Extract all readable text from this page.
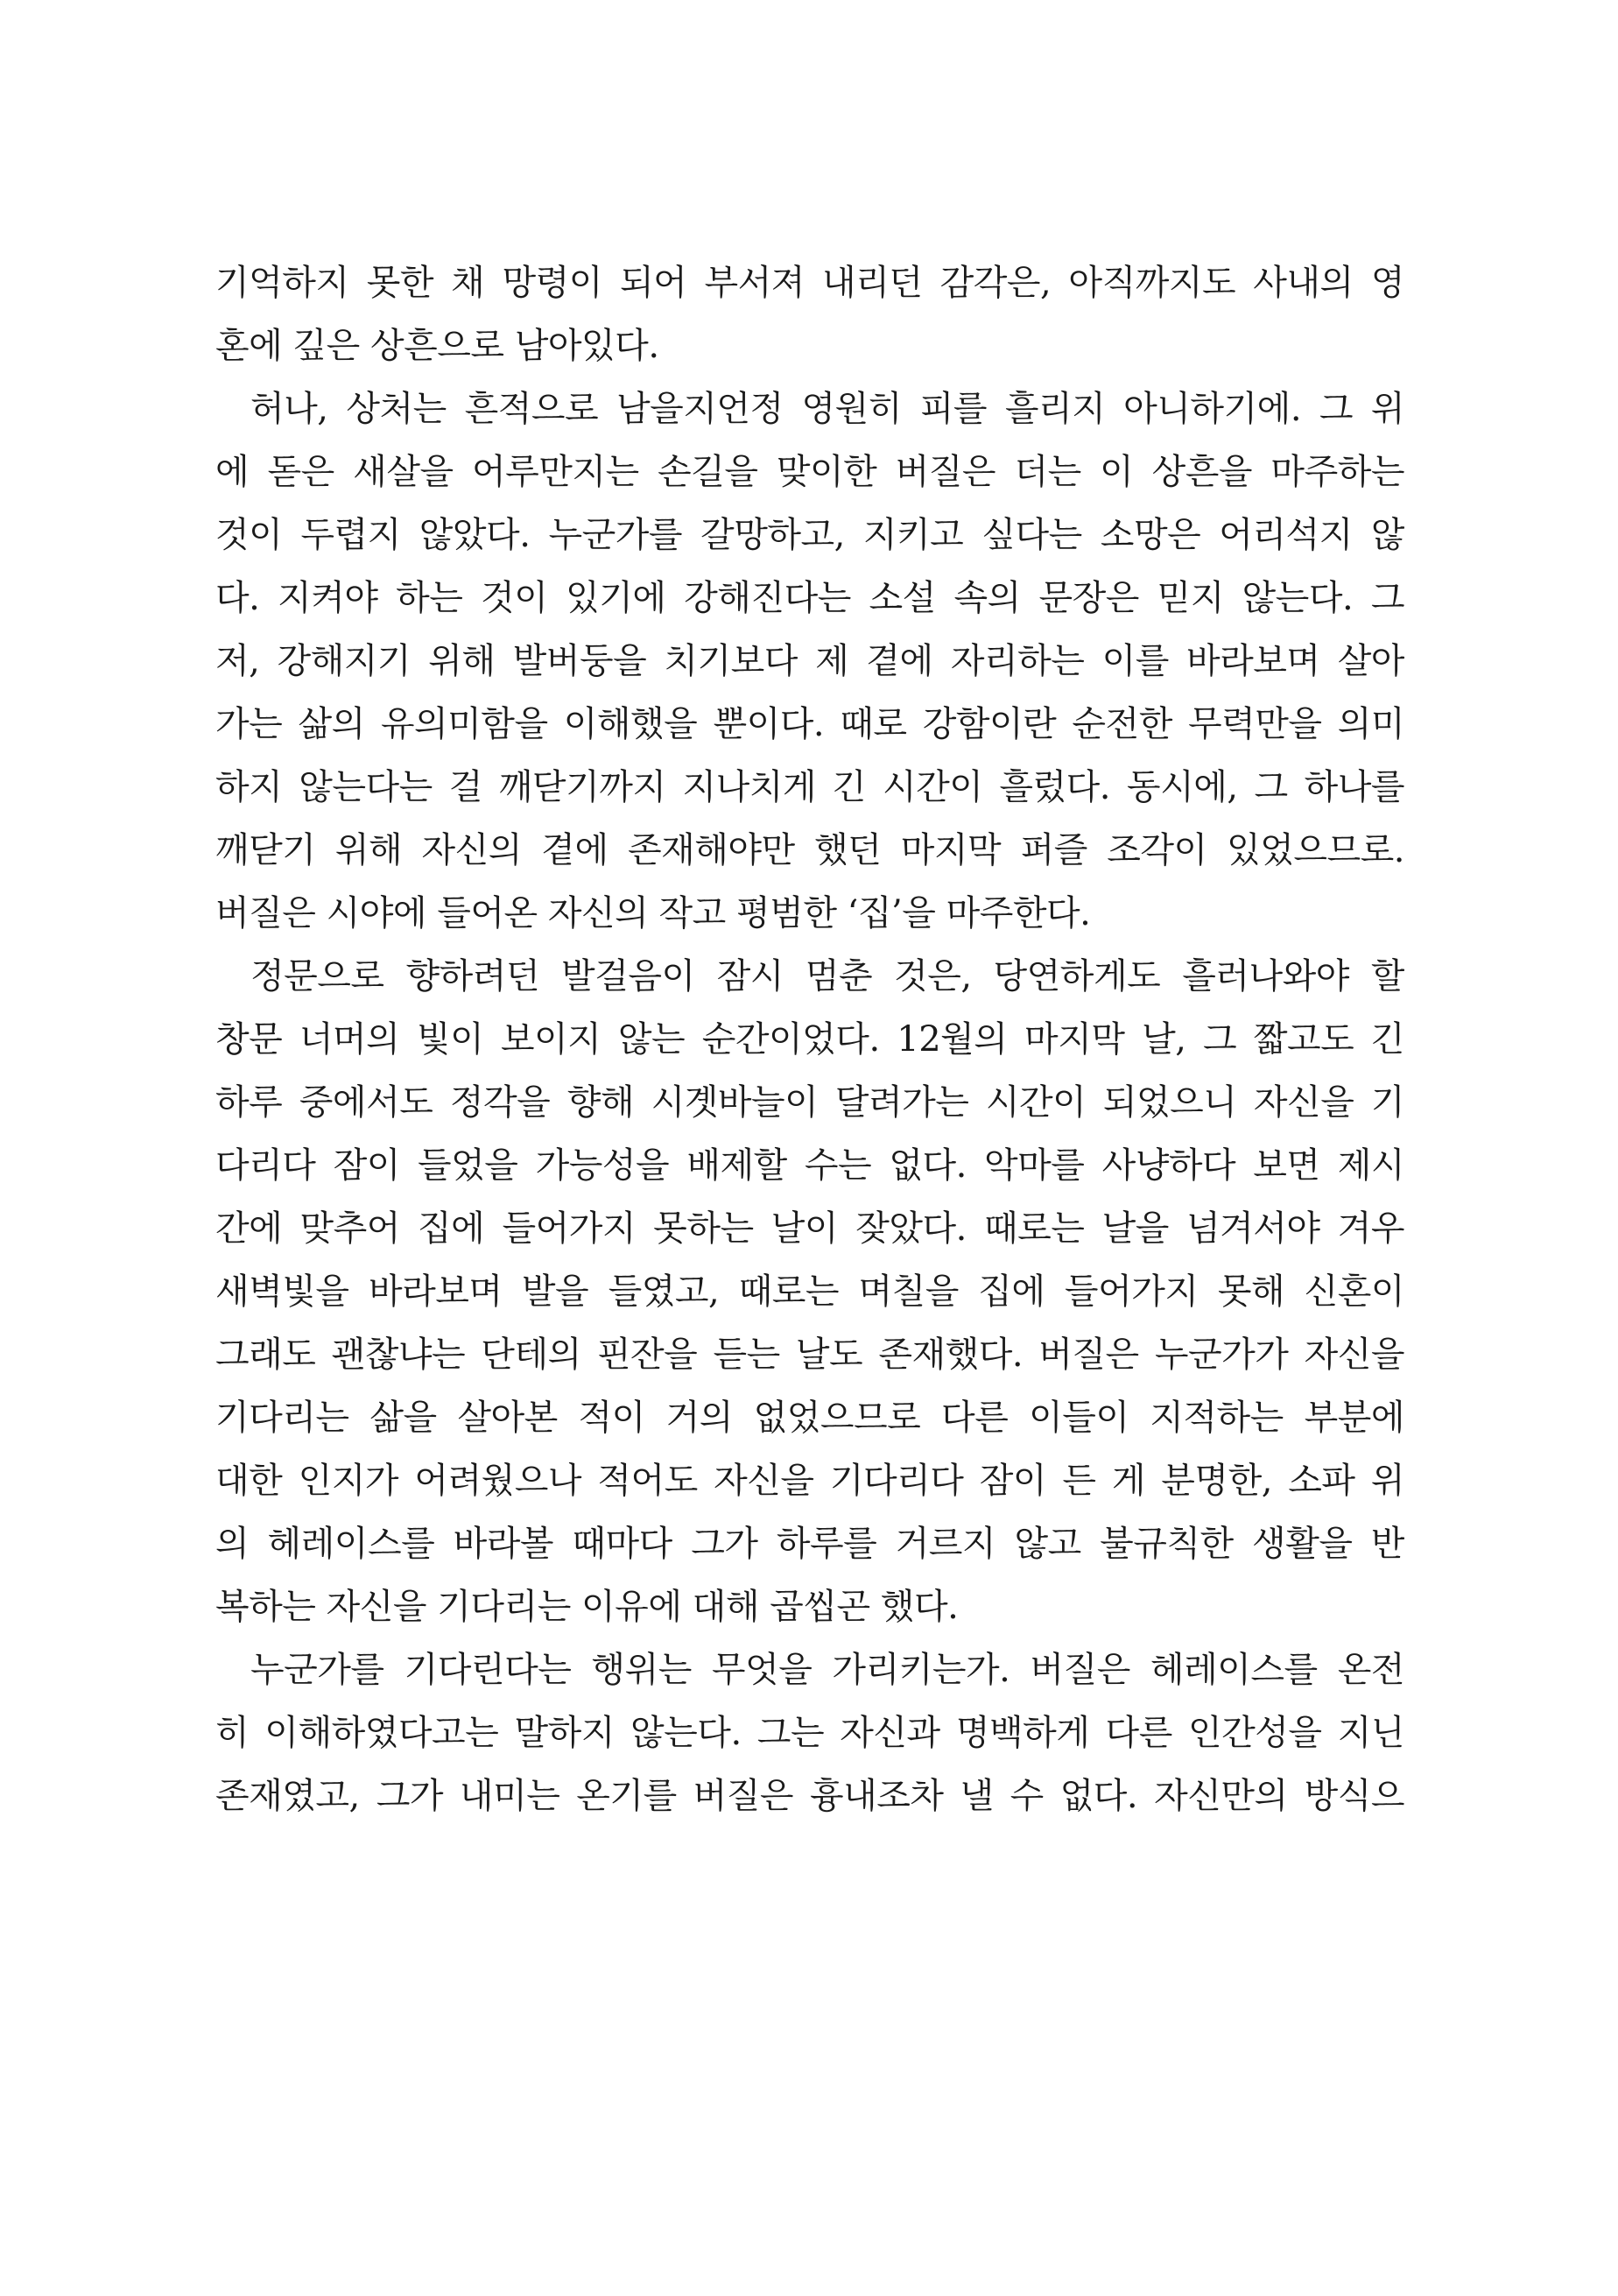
기억하지 못한 채 망령이 되어 부서져 내리던 감각은, 아직까지도 사내의 영
혼에 깊은 상흔으로 남아있다.
허나, 상처는 흔적으로 남을지언정 영원히 피를 흘리지 아니하기에. 그 위
에 돋은 새살을 어루만지는 손길을 맞이한 버질은 더는 이 상흔을 마주하는
것이 두렵지 않았다. 누군가를 갈망하고, 지키고 싶다는 소망은 어리석지 않
다. 지켜야 하는 것이 있기에 강해진다는 소설 속의 문장은 믿지 않는다. 그
저, 강해지기 위해 발버둥을 치기보다 제 곁에 자리하는 이를 바라보며 살아
가는 삶의 유의미함을 이해했을 뿐이다. 때로 강함이란 순전한 무력만을 의미
하지 않는다는 걸 깨닫기까지 지나치게 긴 시간이 흘렀다. 동시에, 그 하나를
깨닫기 위해 자신의 곁에 존재해야만 했던 마지막 퍼즐 조각이 있었으므로.
버질은 시야에 들어온 자신의 작고 평범한 ‘집’을 마주한다.
정문으로 향하려던 발걸음이 잠시 멈춘 것은, 당연하게도 흘러나와야 할
창문 너머의 빛이 보이지 않는 순간이었다. 12월의 마지막 날, 그 짧고도 긴
하루 중에서도 정각을 향해 시곗바늘이 달려가는 시간이 되었으니 자신을 기
다리다 잠이 들었을 가능성을 배제할 수는 없다. 악마를 사냥하다 보면 제시
간에 맞추어 집에 들어가지 못하는 날이 잦았다. 때로는 날을 넘겨서야 겨우
새벽빛을 바라보며 발을 들였고, 때로는 며칠을 집에 들어가지 못해 신혼이
그래도 괜찮냐는 단테의 핀잔을 듣는 날도 존재했다. 버질은 누군가가 자신을
기다리는 삶을 살아본 적이 거의 없었으므로 다른 이들이 지적하는 부분에
대한 인지가 어려웠으나 적어도 자신을 기다리다 잠이 든 게 분명한, 소파 위
의 헤레이스를 바라볼 때마다 그가 하루를 거르지 않고 불규칙한 생활을 반
복하는 자신을 기다리는 이유에 대해 곱씹곤 했다.
누군가를 기다린다는 행위는 무엇을 가리키는가. 버질은 헤레이스를 온전
히 이해하였다고는 말하지 않는다. 그는 자신과 명백하게 다른 인간성을 지닌
존재였고, 그가 내미는 온기를 버질은 흉내조차 낼 수 없다. 자신만의 방식으
